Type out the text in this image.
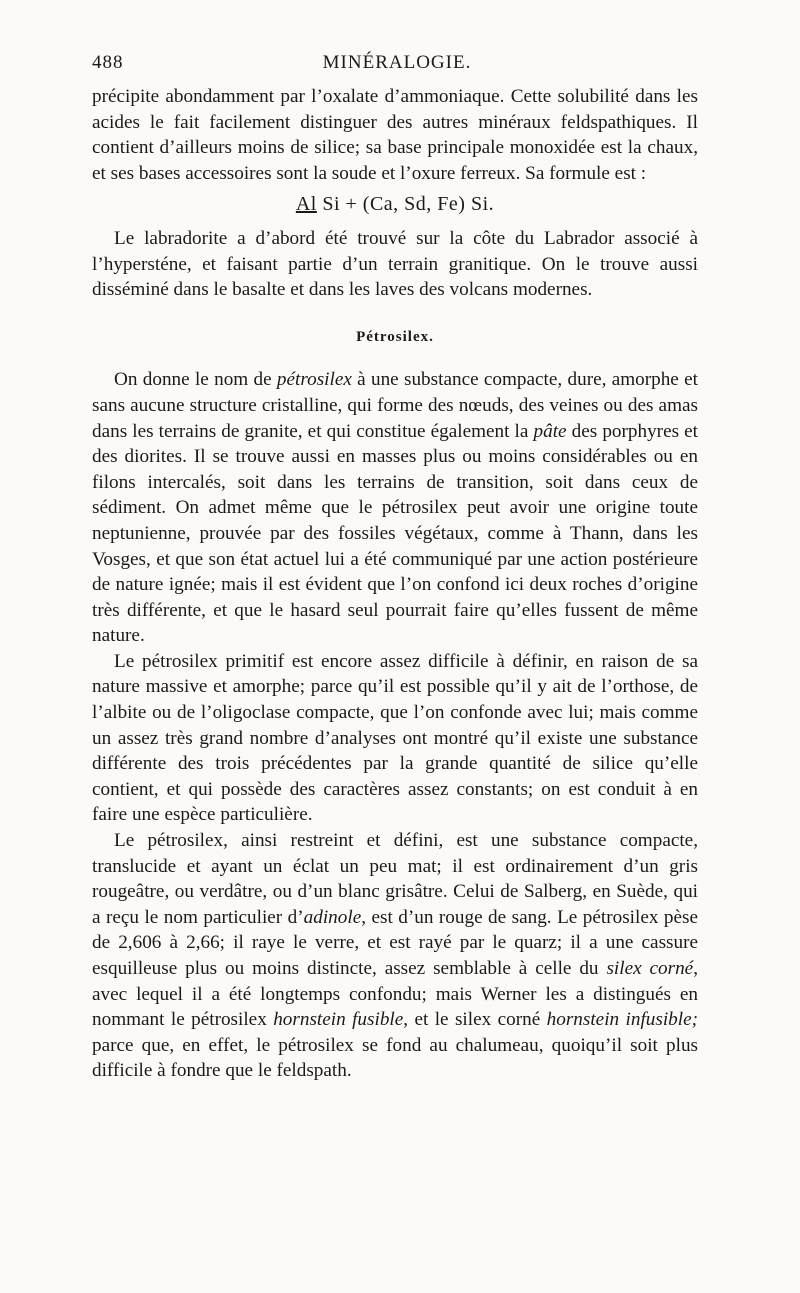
488	MINÉRALOGIE.

précipite abondamment par l’oxalate d’ammoniaque. Cette solubilité dans les acides le fait facilement distinguer des autres minéraux feldspathiques. Il contient d’ailleurs moins de silice; sa base principale monoxidée est la chaux, et ses bases accessoires sont la soude et l’oxure ferreux. Sa formule est :

Al Si + (Ca, Sd, Fe) Si.

Le labradorite a d’abord été trouvé sur la côte du Labrador associé à l’hypersténe, et faisant partie d’un terrain granitique. On le trouve aussi disséminé dans le basalte et dans les laves des volcans modernes.

Pétrosilex.

On donne le nom de pétrosilex à une substance compacte, dure, amorphe et sans aucune structure cristalline, qui forme des nœuds, des veines ou des amas dans les terrains de granite, et qui constitue également la pâte des porphyres et des diorites. Il se trouve aussi en masses plus ou moins considérables ou en filons intercalés, soit dans les terrains de transition, soit dans ceux de sédiment. On admet même que le pétrosilex peut avoir une origine toute neptunienne, prouvée par des fossiles végétaux, comme à Thann, dans les Vosges, et que son état actuel lui a été communiqué par une action postérieure de nature ignée; mais il est évident que l’on confond ici deux roches d’origine très différente, et que le hasard seul pourrait faire qu’elles fussent de même nature.

Le pétrosilex primitif est encore assez difficile à définir, en raison de sa nature massive et amorphe; parce qu’il est possible qu’il y ait de l’orthose, de l’albite ou de l’oligoclase compacte, que l’on confonde avec lui; mais comme un assez très grand nombre d’analyses ont montré qu’il existe une substance différente des trois précédentes par la grande quantité de silice qu’elle contient, et qui possède des caractères assez constants; on est conduit à en faire une espèce particulière.

Le pétrosilex, ainsi restreint et défini, est une substance compacte, translucide et ayant un éclat un peu mat; il est ordinairement d’un gris rougeâtre, ou verdâtre, ou d’un blanc grisâtre. Celui de Salberg, en Suède, qui a reçu le nom particulier d’adinole, est d’un rouge de sang. Le pétrosilex pèse de 2,606 à 2,66; il raye le verre, et est rayé par le quarz; il a une cassure esquilleuse plus ou moins distincte, assez semblable à celle du silex corné, avec lequel il a été longtemps confondu; mais Werner les a distingués en nommant le pétrosilex hornstein fusible, et le silex corné hornstein infusible; parce que, en effet, le pétrosilex se fond au chalumeau, quoiqu’il soit plus difficile à fondre que le feldspath.
